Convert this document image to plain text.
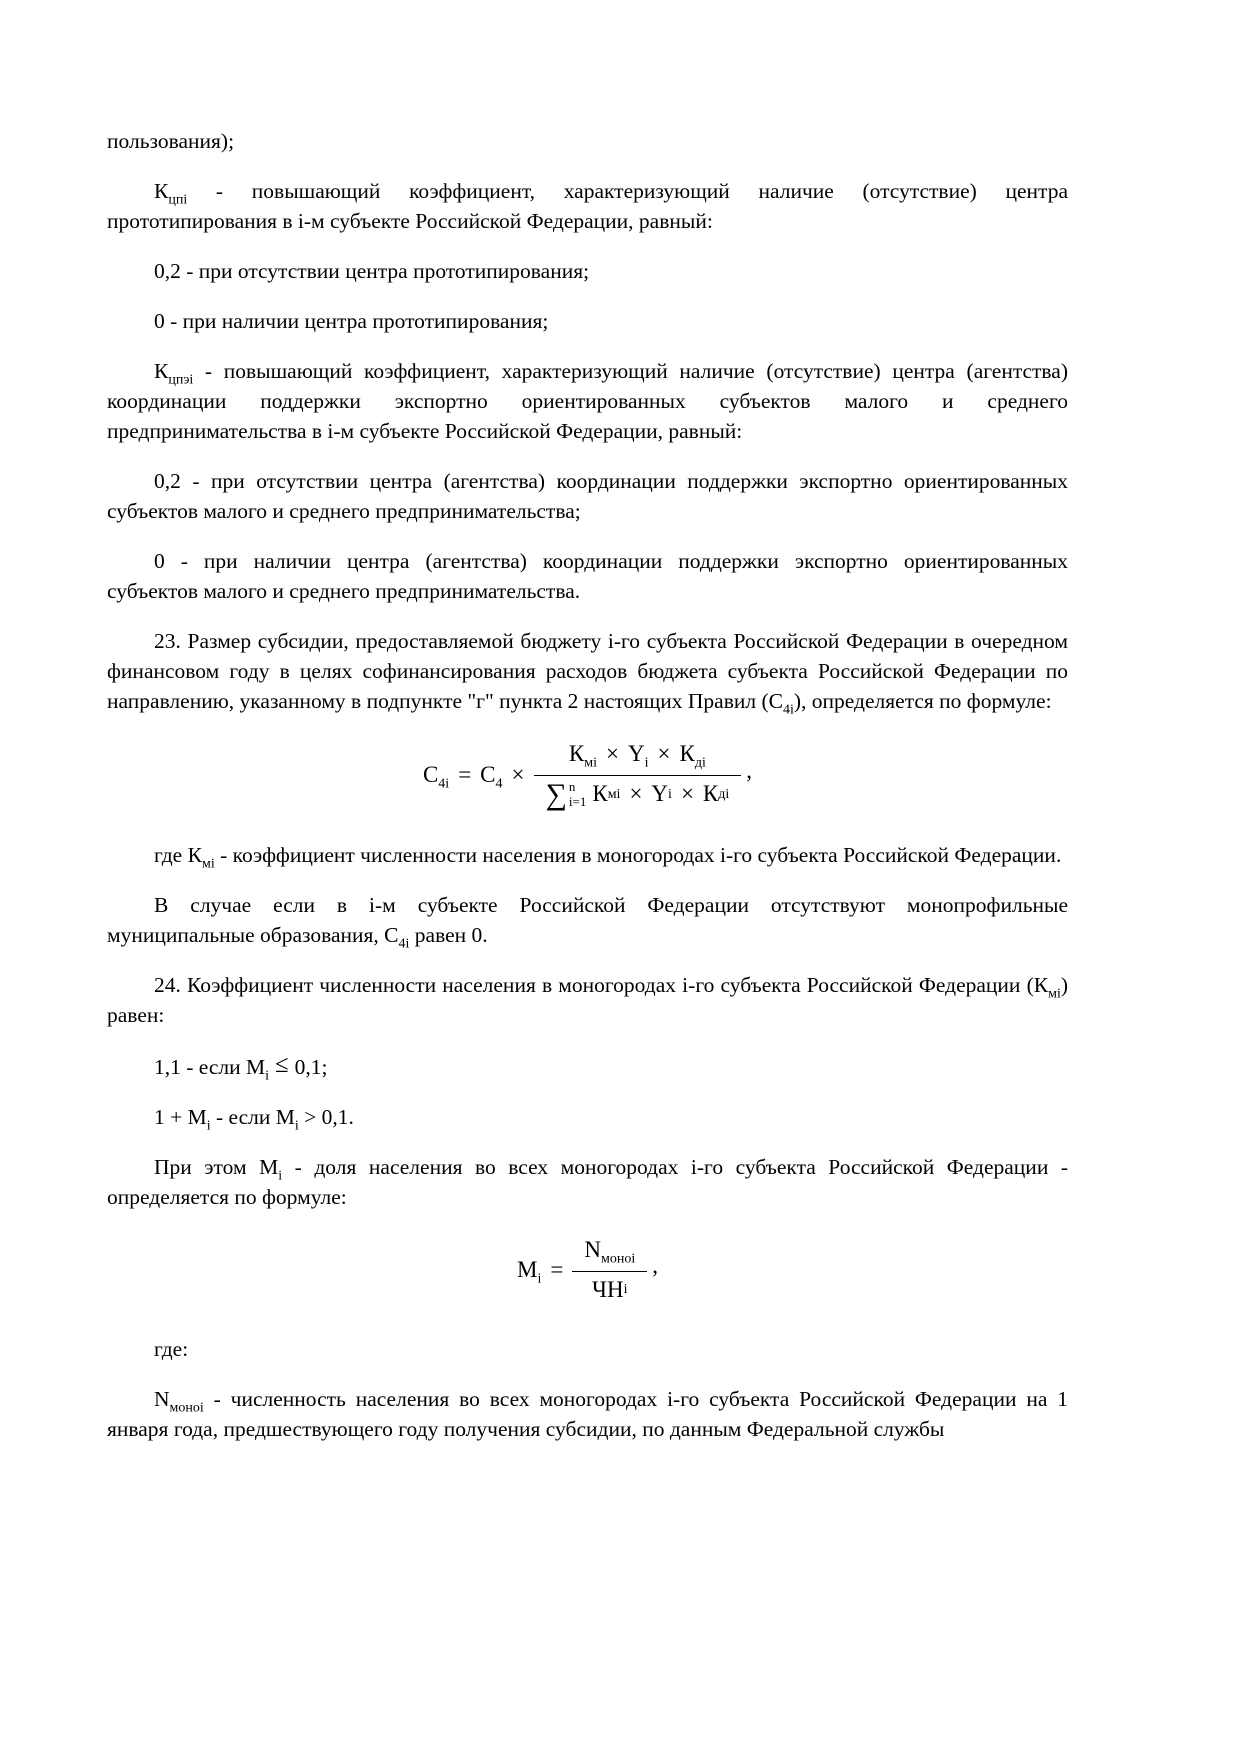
пользования);

$К_{цпi}$ - повышающий коэффициент, характеризующий наличие (отсутствие) центра прототипирования в i-м субъекте Российской Федерации, равный:

0,2 - при отсутствии центра прототипирования;

0 - при наличии центра прототипирования;

$К_{цпэi}$ - повышающий коэффициент, характеризующий наличие (отсутствие) центра (агентства) координации поддержки экспортно ориентированных субъектов малого и среднего предпринимательства в i-м субъекте Российской Федерации, равный:

0,2 - при отсутствии центра (агентства) координации поддержки экспортно ориентированных субъектов малого и среднего предпринимательства;

0 - при наличии центра (агентства) координации поддержки экспортно ориентированных субъектов малого и среднего предпринимательства.

23. Размер субсидии, предоставляемой бюджету i-го субъекта Российской Федерации в очередном финансовом году в целях софинансирования расходов бюджета субъекта Российской Федерации по направлению, указанному в подпункте "г" пункта 2 настоящих Правил $(С_{4i})$, определяется по формуле:

$C_{4i} = C_4 \times К_{мi} \times Y_i \times К_{дi}$
∑ n
i=1 К мi × Y i × К дi ,

где $К_{мi}$ - коэффициент численности населения в моногородах i-го субъекта Российской Федерации.

В случае если в i-м субъекте Российской Федерации отсутствуют монопрофильные муниципальные образования, $С_{4i}$ равен 0.

24. Коэффициент численности населения в моногородах i-го субъекта Российской Федерации $(К_{мi})$ равен:

1,1 - если $М_i \le 0,1$;

$1 + М_i$ - если $М_i > 0,1$.

При этом $М_i$ - доля населения во всех моногородах i-го субъекта Российской Федерации - определяется по формуле:

$M_i = \frac{N_{моноi}}{\text{ЧН i}}$ ,

где:

$N_{моноi}$ - численность населения во всех моногородах i-го субъекта Российской Федерации на 1 января года, предшествующего году получения субсидии, по данным Федеральной службы
